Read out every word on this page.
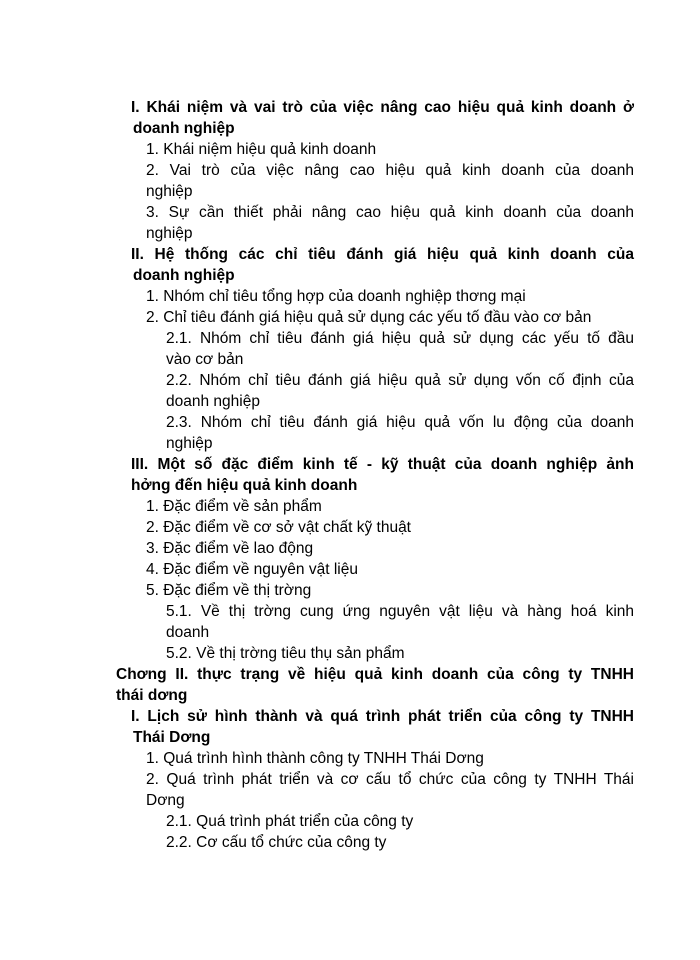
I. Khái niệm và vai trò của việc nâng cao hiệu quả kinh doanh ở
doanh nghiệp
1. Khái niệm hiệu quả kinh doanh
2. Vai trò của việc nâng cao hiệu quả kinh doanh của doanh
nghiệp
3. Sự cần thiết phải nâng cao hiệu quả kinh doanh của doanh
nghiệp
II. Hệ thống các chỉ tiêu đánh giá hiệu quả kinh doanh của
doanh nghiệp
1. Nhóm chỉ tiêu tổng hợp của doanh nghiệp thơng mại
2. Chỉ tiêu đánh giá hiệu quả sử dụng các yếu tố đầu vào cơ bản
2.1. Nhóm chỉ tiêu đánh giá hiệu quả sử dụng các yếu tố đầu
vào cơ bản
2.2. Nhóm chỉ tiêu đánh giá hiệu quả sử dụng vốn cố định của
doanh nghiệp
2.3. Nhóm chỉ tiêu đánh giá hiệu quả vốn lu động của doanh
nghiệp
III. Một số đặc điểm kinh tế - kỹ thuật của doanh nghiệp ảnh
hởng đến hiệu quả kinh doanh
1. Đặc điểm về sản phẩm
2. Đặc điểm về cơ sở vật chất kỹ thuật
3. Đặc điểm về lao động
4. Đặc điểm về nguyên vật liệu
5. Đặc điểm về thị trờng
5.1. Về thị trờng cung ứng nguyên vật liệu và hàng hoá kinh
doanh
5.2. Về thị trờng tiêu thụ sản phẩm
Chơng II. thực trạng về hiệu quả kinh doanh của công ty TNHH
thái dơng
I. Lịch sử hình thành và quá trình phát triển của công ty TNHH
Thái Dơng
1. Quá trình hình thành công ty TNHH Thái Dơng
2. Quá trình phát triển và cơ cấu tổ chức của công ty TNHH Thái
Dơng
2.1. Quá trình phát triển của công ty
2.2. Cơ cấu tổ chức của công ty
